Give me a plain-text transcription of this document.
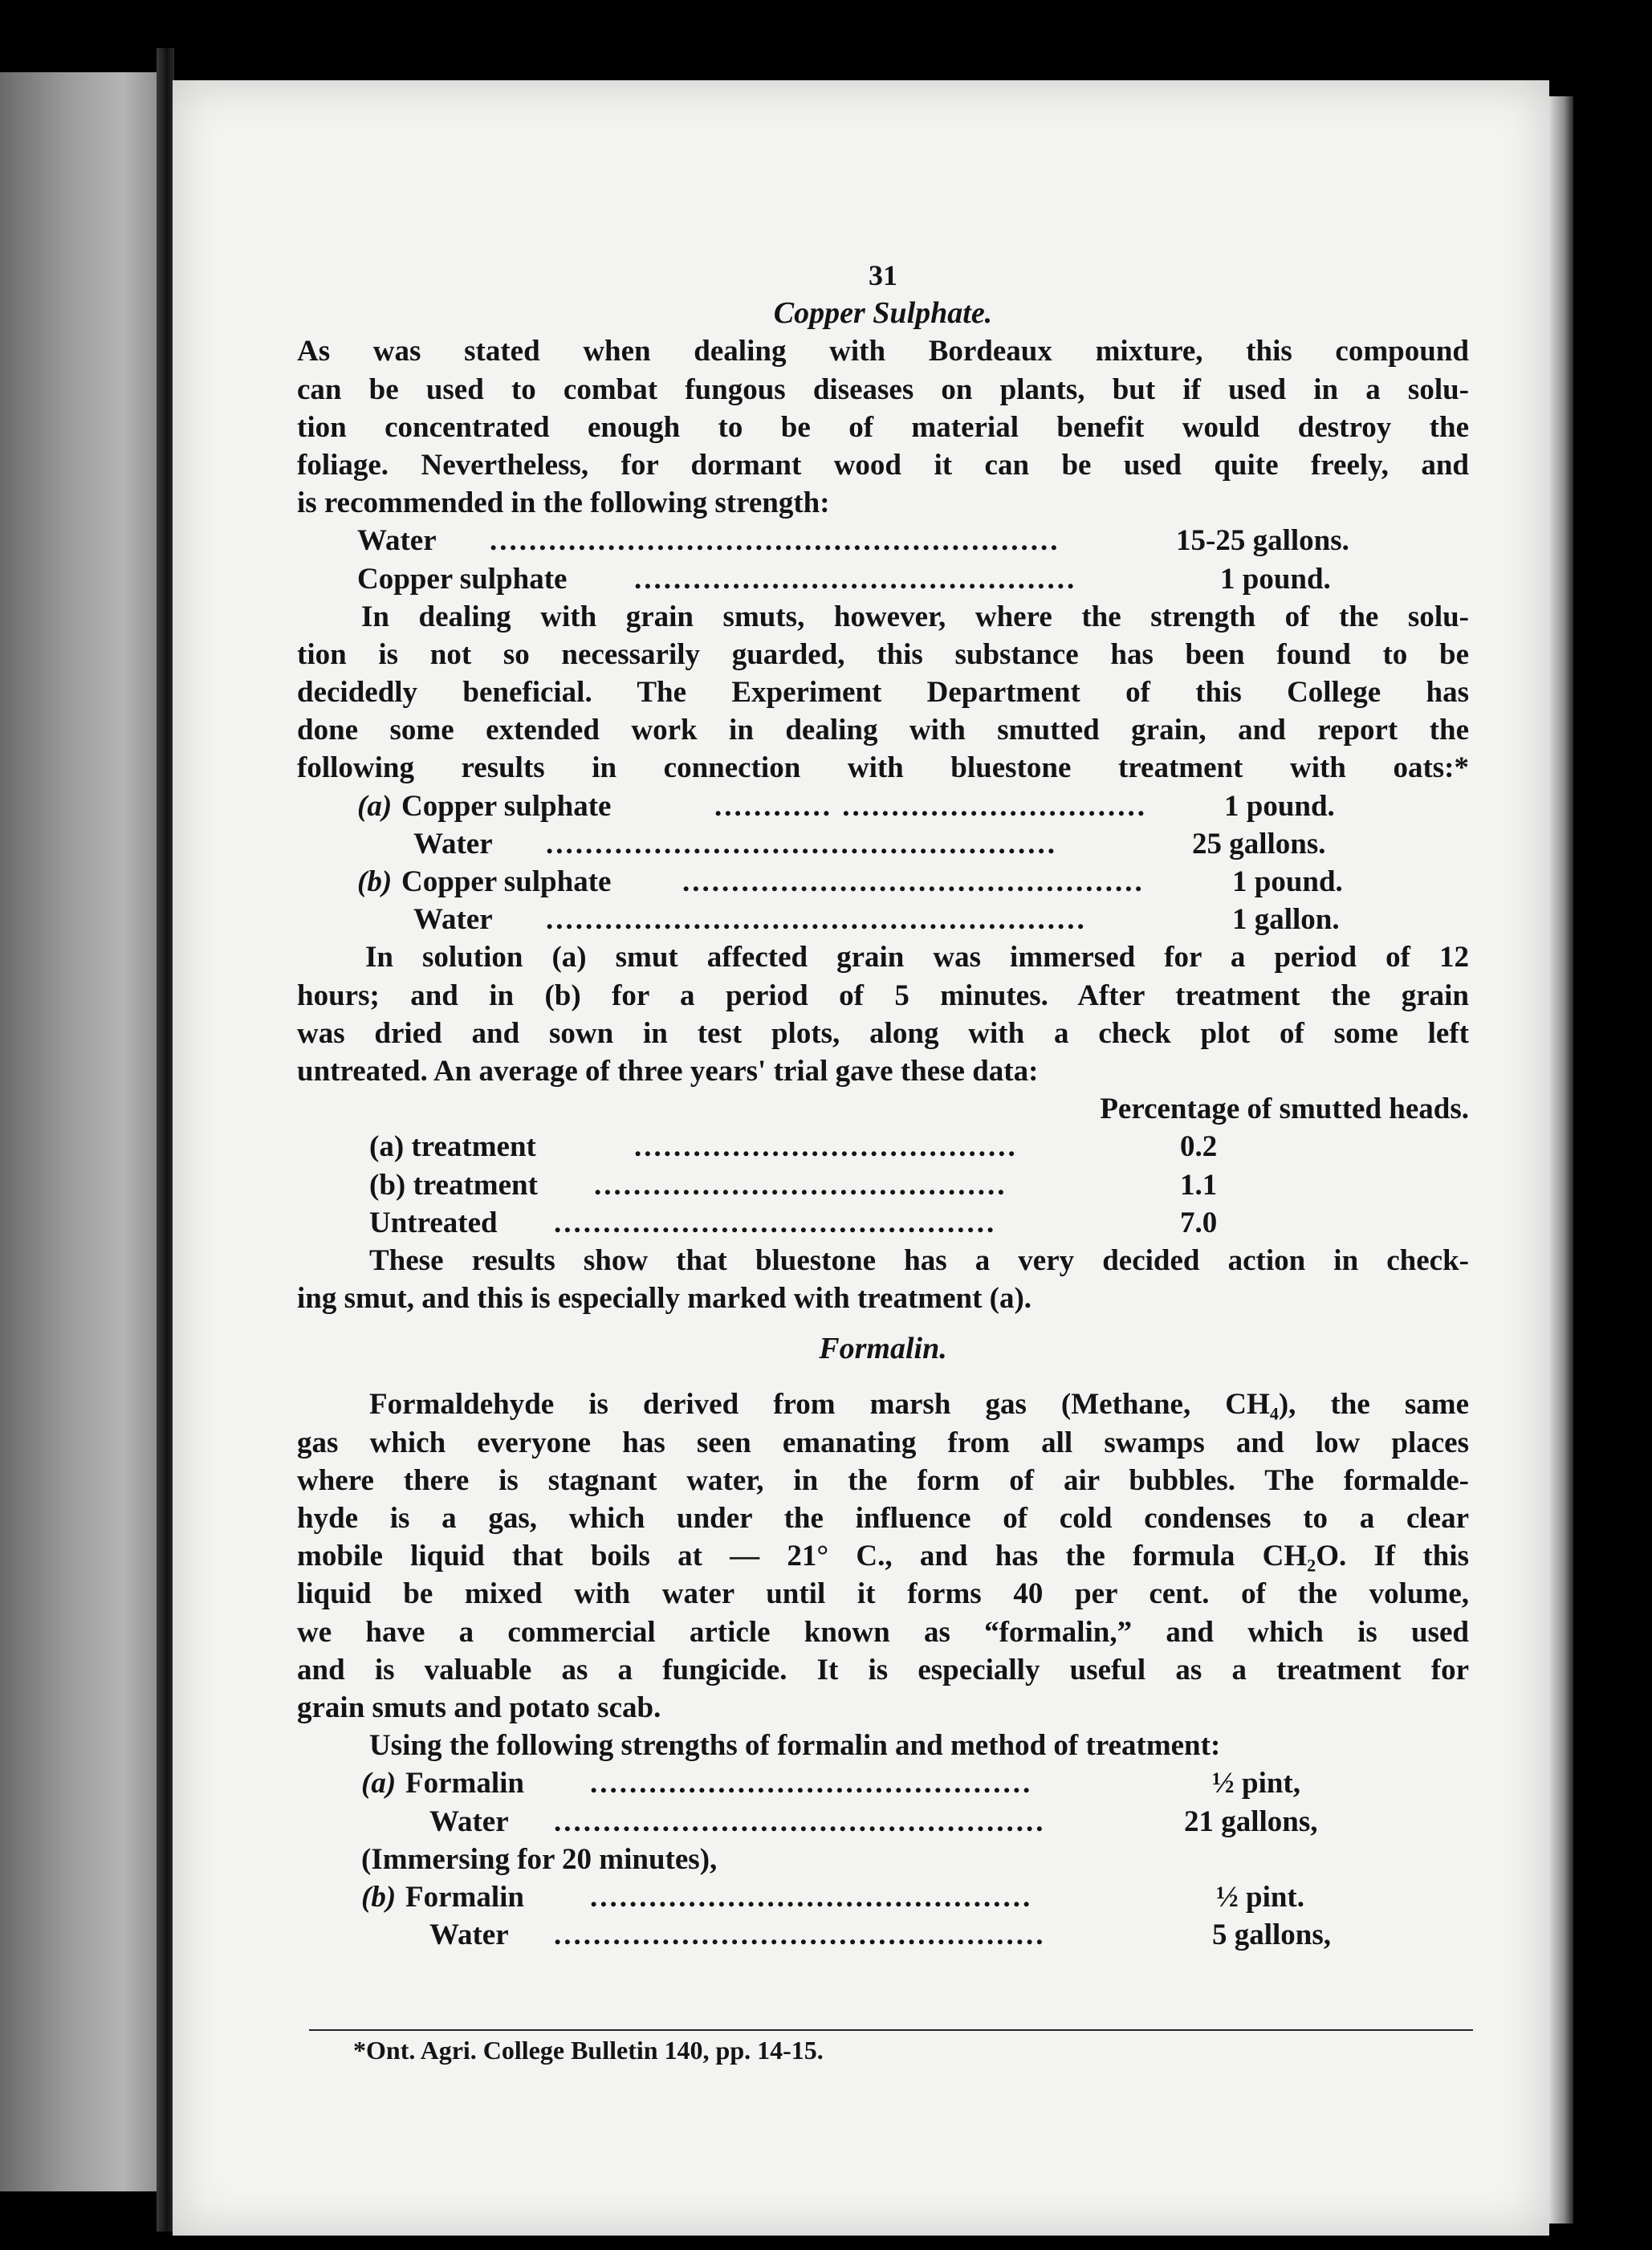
31
Copper Sulphate.
As was stated when dealing with Bordeaux mixture, this compound
can be used to combat fungous diseases on plants, but if used in a solu-
tion concentrated enough to be of material benefit would destroy the
foliage. Nevertheless, for dormant wood it can be used quite freely, and
is recommended in the following strength:
Water ..........................................................	15-25 gallons.
Copper sulphate .............................................	1 pound.
In dealing with grain smuts, however, where the strength of the solu-
tion is not so necessarily guarded, this substance has been found to be
decidedly beneficial. The Experiment Department of this College has
done some extended work in dealing with smutted grain, and report the
following results in connection with bluestone treatment with oats:*
(a) Copper sulphate	............ ...............................	1 pound.
Water ....................................................	25 gallons.
(b) Copper sulphate ...............................................	1 pound.
Water .......................................................	1 gallon.
In solution (a) smut affected grain was immersed for a period of 12
hours; and in (b) for a period of 5 minutes. After treatment the grain
was dried and sown in test plots, along with a check plot of some left
untreated. An average of three years' trial gave these data:
Percentage of smutted heads.
(a) treatment	.......................................	0.2
(b) treatment ..........................................	1.1
Untreated .............................................	7.0
These results show that bluestone has a very decided action in check-
ing smut, and this is especially marked with treatment (a).
Formalin.
Formaldehyde is derived from marsh gas (Methane, CH₄), the same
gas which everyone has seen emanating from all swamps and low places
where there is stagnant water, in the form of air bubbles. The formalde-
hyde is a gas, which under the influence of cold condenses to a clear
mobile liquid that boils at — 21° C., and has the formula CH₂O. If this
liquid be mixed with water until it forms 40 per cent. of the volume,
we have a commercial article known as “formalin,” and which is used
and is valuable as a fungicide. It is especially useful as a treatment for
grain smuts and potato scab.
Using the following strengths of formalin and method of treatment:
(a) Formalin .............................................	½ pint,
Water ..................................................	21 gallons,
(Immersing for 20 minutes),
(b) Formalin .............................................	½ pint.
Water ..................................................	5 gallons,
*Ont. Agri. College Bulletin 140, pp. 14-15.
